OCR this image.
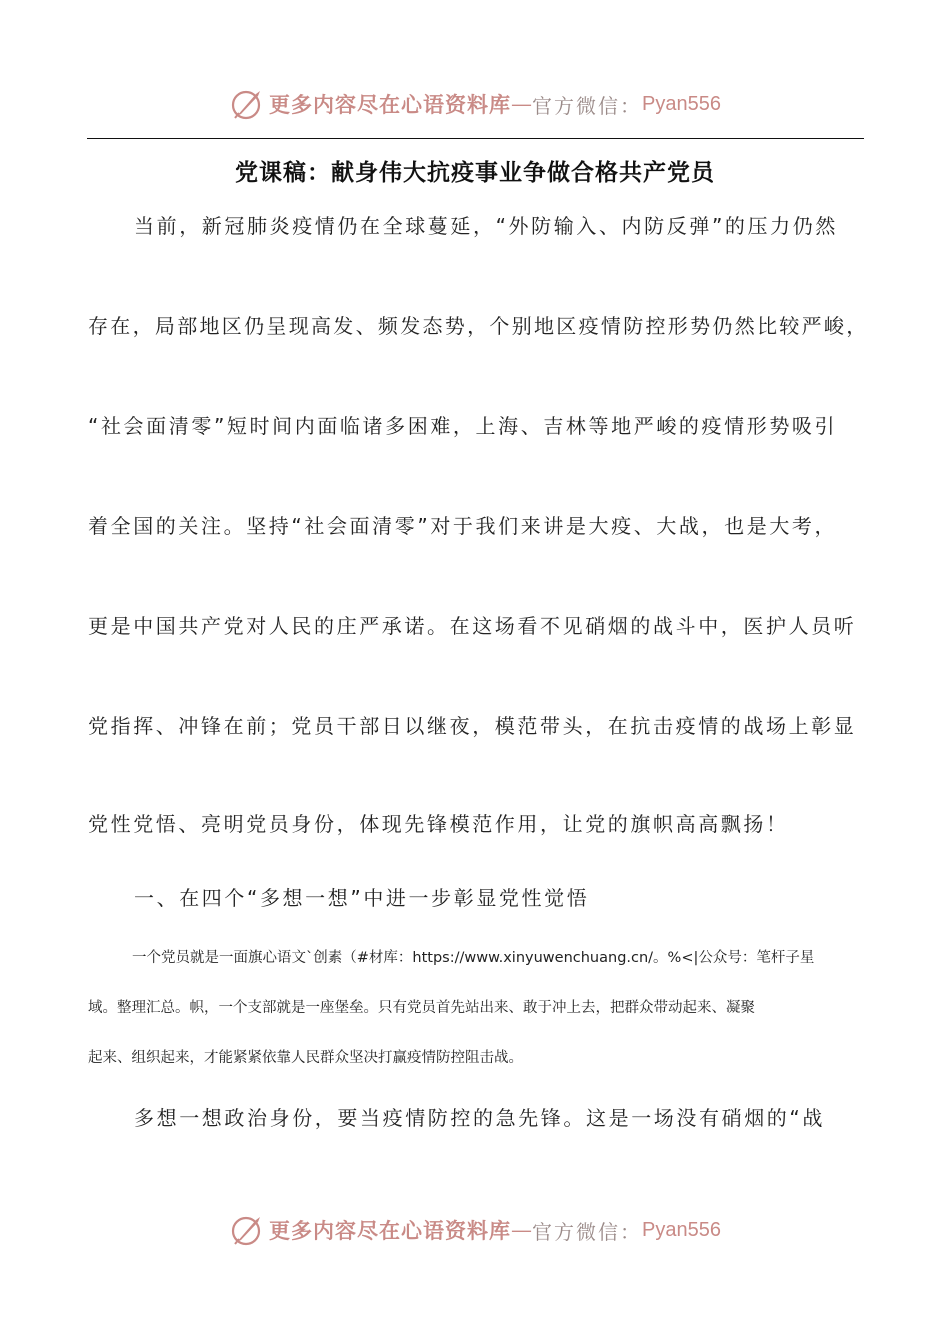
更多内容尽在心语资料库 — 官方微信： Pyan556
党课稿：献身伟大抗疫事业争做合格共产党员
当前，新冠肺炎疫情仍在全球蔓延，“外防输入、内防反弹”的压力仍然
存在，局部地区仍呈现高发、频发态势，个别地区疫情防控形势仍然比较严峻，
“社会面清零”短时间内面临诸多困难，上海、吉林等地严峻的疫情形势吸引
着全国的关注。坚持“社会面清零”对于我们来讲是大疫、大战，也是大考，
更是中国共产党对人民的庄严承诺。在这场看不见硝烟的战斗中，医护人员听
党指挥、冲锋在前；党员干部日以继夜，模范带头，在抗击疫情的战场上彰显
党性党悟、亮明党员身份，体现先锋模范作用，让党的旗帜高高飘扬！
一、在四个“多想一想”中进一步彰显党性觉悟
一个党员就是一面旗心语文`创素（#材库：https://www.xinyuwenchuang.cn/。%<|公众号：笔杆子星
域。整理汇总。帜，一个支部就是一座堡垒。只有党员首先站出来、敢于冲上去，把群众带动起来、凝聚
起来、组织起来，才能紧紧依靠人民群众坚决打赢疫情防控阻击战。
多想一想政治身份，要当疫情防控的急先锋。这是一场没有硝烟的“战
更多内容尽在心语资料库 — 官方微信： Pyan556
